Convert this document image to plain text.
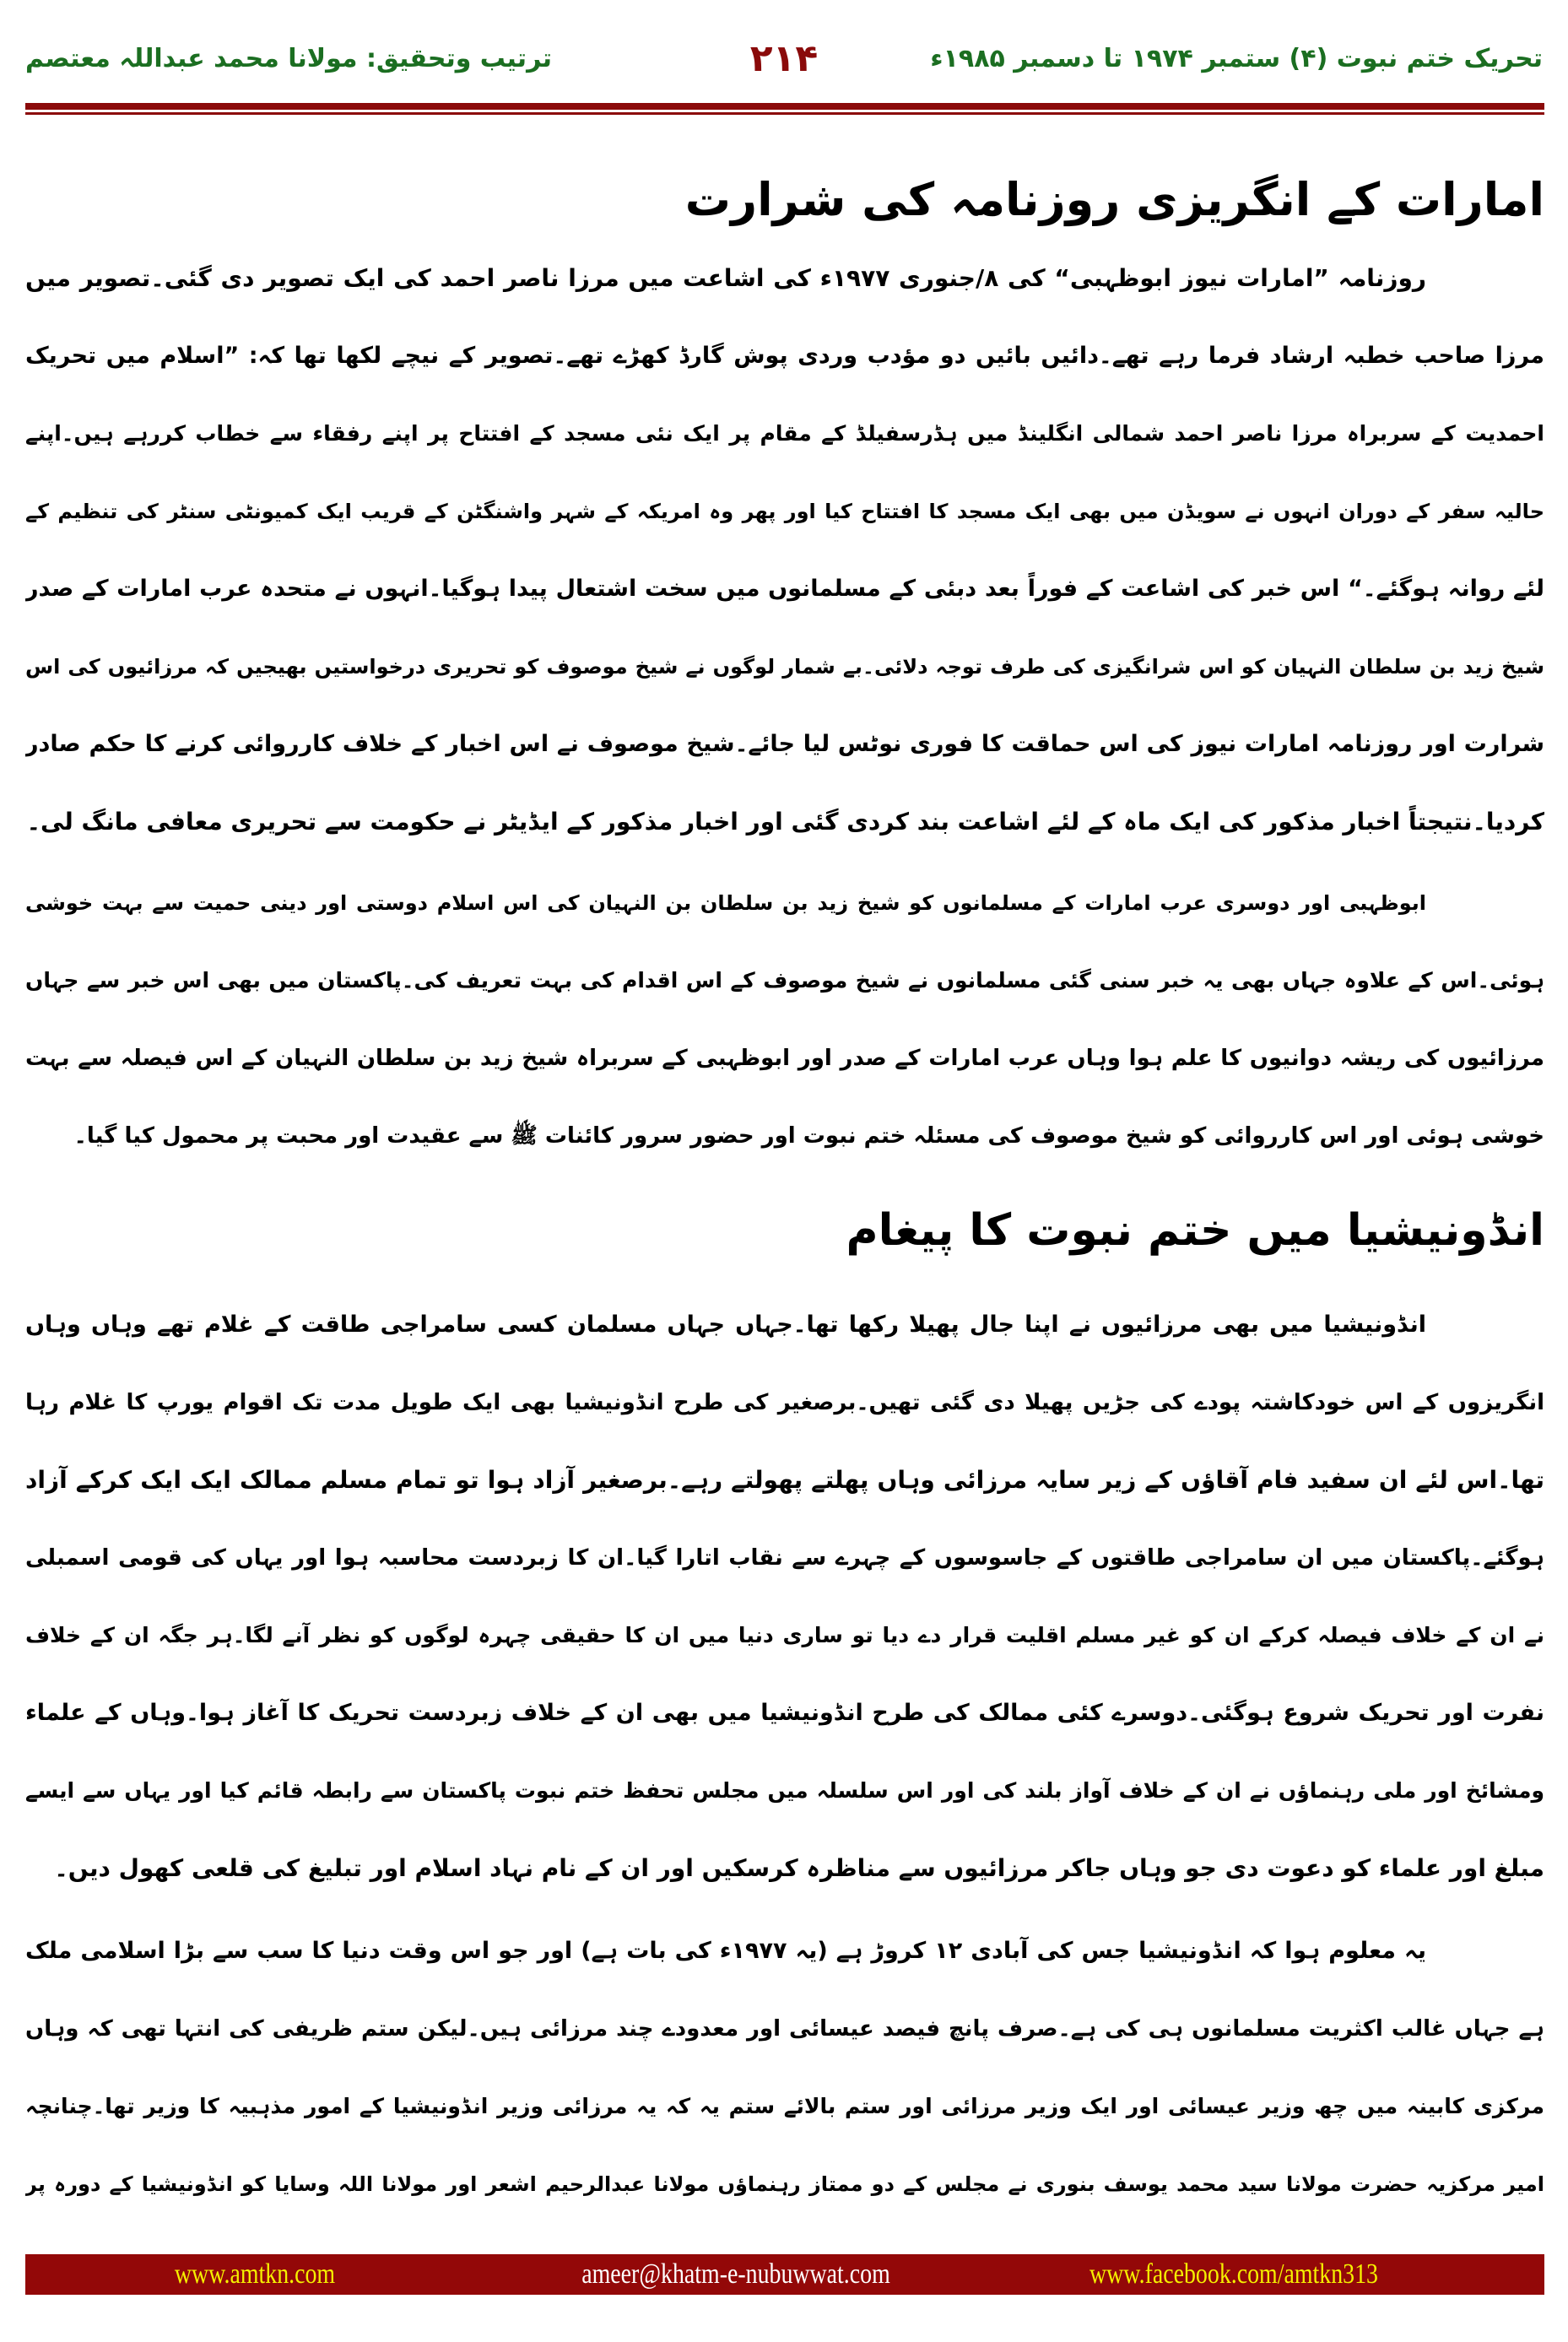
تحریک ختم نبوت (۴) ستمبر ۱۹۷۴ تا دسمبر ۱۹۸۵ء
۲۱۴
ترتیب وتحقیق: مولانا محمد عبداللہ معتصم
امارات کے انگریزی روزنامہ کی شرارت
روزنامہ ”امارات نیوز ابوظہبی“ کی ۸/جنوری ۱۹۷۷ء کی اشاعت میں مرزا ناصر احمد کی ایک تصویر دی گئی۔تصویر میں
مرزا صاحب خطبہ ارشاد فرما رہے تھے۔دائیں بائیں دو مؤدب وردی پوش گارڈ کھڑے تھے۔تصویر کے نیچے لکھا تھا کہ: ”اسلام میں تحریک
احمدیت کے سربراہ مرزا ناصر احمد شمالی انگلینڈ میں ہڈرسفیلڈ کے مقام پر ایک نئی مسجد کے افتتاح پر اپنے رفقاء سے خطاب کررہے ہیں۔اپنے
حالیہ سفر کے دوران انہوں نے سویڈن میں بھی ایک مسجد کا افتتاح کیا اور پھر وہ امریکہ کے شہر واشنگٹن کے قریب ایک کمیونٹی سنٹر کی تنظیم کے
لئے روانہ ہوگئے۔“ اس خبر کی اشاعت کے فوراً بعد دبئی کے مسلمانوں میں سخت اشتعال پیدا ہوگیا۔انہوں نے متحدہ عرب امارات کے صدر
شیخ زید بن سلطان النہیان کو اس شرانگیزی کی طرف توجہ دلائی۔بے شمار لوگوں نے شیخ موصوف کو تحریری درخواستیں بھیجیں کہ مرزائیوں کی اس
شرارت اور روزنامہ امارات نیوز کی اس حماقت کا فوری نوٹس لیا جائے۔شیخ موصوف نے اس اخبار کے خلاف کارروائی کرنے کا حکم صادر
کردیا۔نتیجتاً اخبار مذکور کی ایک ماہ کے لئے اشاعت بند کردی گئی اور اخبار مذکور کے ایڈیٹر نے حکومت سے تحریری معافی مانگ لی۔
ابوظہبی اور دوسری عرب امارات کے مسلمانوں کو شیخ زید بن سلطان بن النہیان کی اس اسلام دوستی اور دینی حمیت سے بہت خوشی
ہوئی۔اس کے علاوہ جہاں بھی یہ خبر سنی گئی مسلمانوں نے شیخ موصوف کے اس اقدام کی بہت تعریف کی۔پاکستان میں بھی اس خبر سے جہاں
مرزائیوں کی ریشہ دوانیوں کا علم ہوا وہاں عرب امارات کے صدر اور ابوظہبی کے سربراہ شیخ زید بن سلطان النہیان کے اس فیصلہ سے بہت
خوشی ہوئی اور اس کارروائی کو شیخ موصوف کی مسئلہ ختم نبوت اور حضور سرور کائنات ﷺ سے عقیدت اور محبت پر محمول کیا گیا۔
انڈونیشیا میں ختم نبوت کا پیغام
انڈونیشیا میں بھی مرزائیوں نے اپنا جال پھیلا رکھا تھا۔جہاں جہاں مسلمان کسی سامراجی طاقت کے غلام تھے وہاں وہاں
انگریزوں کے اس خودکاشتہ پودے کی جڑیں پھیلا دی گئی تھیں۔برصغیر کی طرح انڈونیشیا بھی ایک طویل مدت تک اقوام یورپ کا غلام رہا
تھا۔اس لئے ان سفید فام آقاؤں کے زیر سایہ مرزائی وہاں پھلتے پھولتے رہے۔برصغیر آزاد ہوا تو تمام مسلم ممالک ایک ایک کرکے آزاد
ہوگئے۔پاکستان میں ان سامراجی طاقتوں کے جاسوسوں کے چہرے سے نقاب اتارا گیا۔ان کا زبردست محاسبہ ہوا اور یہاں کی قومی اسمبلی
نے ان کے خلاف فیصلہ کرکے ان کو غیر مسلم اقلیت قرار دے دیا تو ساری دنیا میں ان کا حقیقی چہرہ لوگوں کو نظر آنے لگا۔ہر جگہ ان کے خلاف
نفرت اور تحریک شروع ہوگئی۔دوسرے کئی ممالک کی طرح انڈونیشیا میں بھی ان کے خلاف زبردست تحریک کا آغاز ہوا۔وہاں کے علماء
ومشائخ اور ملی رہنماؤں نے ان کے خلاف آواز بلند کی اور اس سلسلہ میں مجلس تحفظ ختم نبوت پاکستان سے رابطہ قائم کیا اور یہاں سے ایسے
مبلغ اور علماء کو دعوت دی جو وہاں جاکر مرزائیوں سے مناظرہ کرسکیں اور ان کے نام نہاد اسلام اور تبلیغ کی قلعی کھول دیں۔
یہ معلوم ہوا کہ انڈونیشیا جس کی آبادی ۱۲ کروڑ ہے (یہ ۱۹۷۷ء کی بات ہے) اور جو اس وقت دنیا کا سب سے بڑا اسلامی ملک
ہے جہاں غالب اکثریت مسلمانوں ہی کی ہے۔صرف پانچ فیصد عیسائی اور معدودے چند مرزائی ہیں۔لیکن ستم ظریفی کی انتہا تھی کہ وہاں
مرکزی کابینہ میں چھ وزیر عیسائی اور ایک وزیر مرزائی اور ستم بالائے ستم یہ کہ یہ مرزائی وزیر انڈونیشیا کے امور مذہبیہ کا وزیر تھا۔چنانچہ
امیر مرکزیہ حضرت مولانا سید محمد یوسف بنوری نے مجلس کے دو ممتاز رہنماؤں مولانا عبدالرحیم اشعر اور مولانا اللہ وسایا کو انڈونیشیا کے دورہ پر
www.amtkn.com	ameer@khatm-e-nubuwwat.com	www.facebook.com/amtkn313
